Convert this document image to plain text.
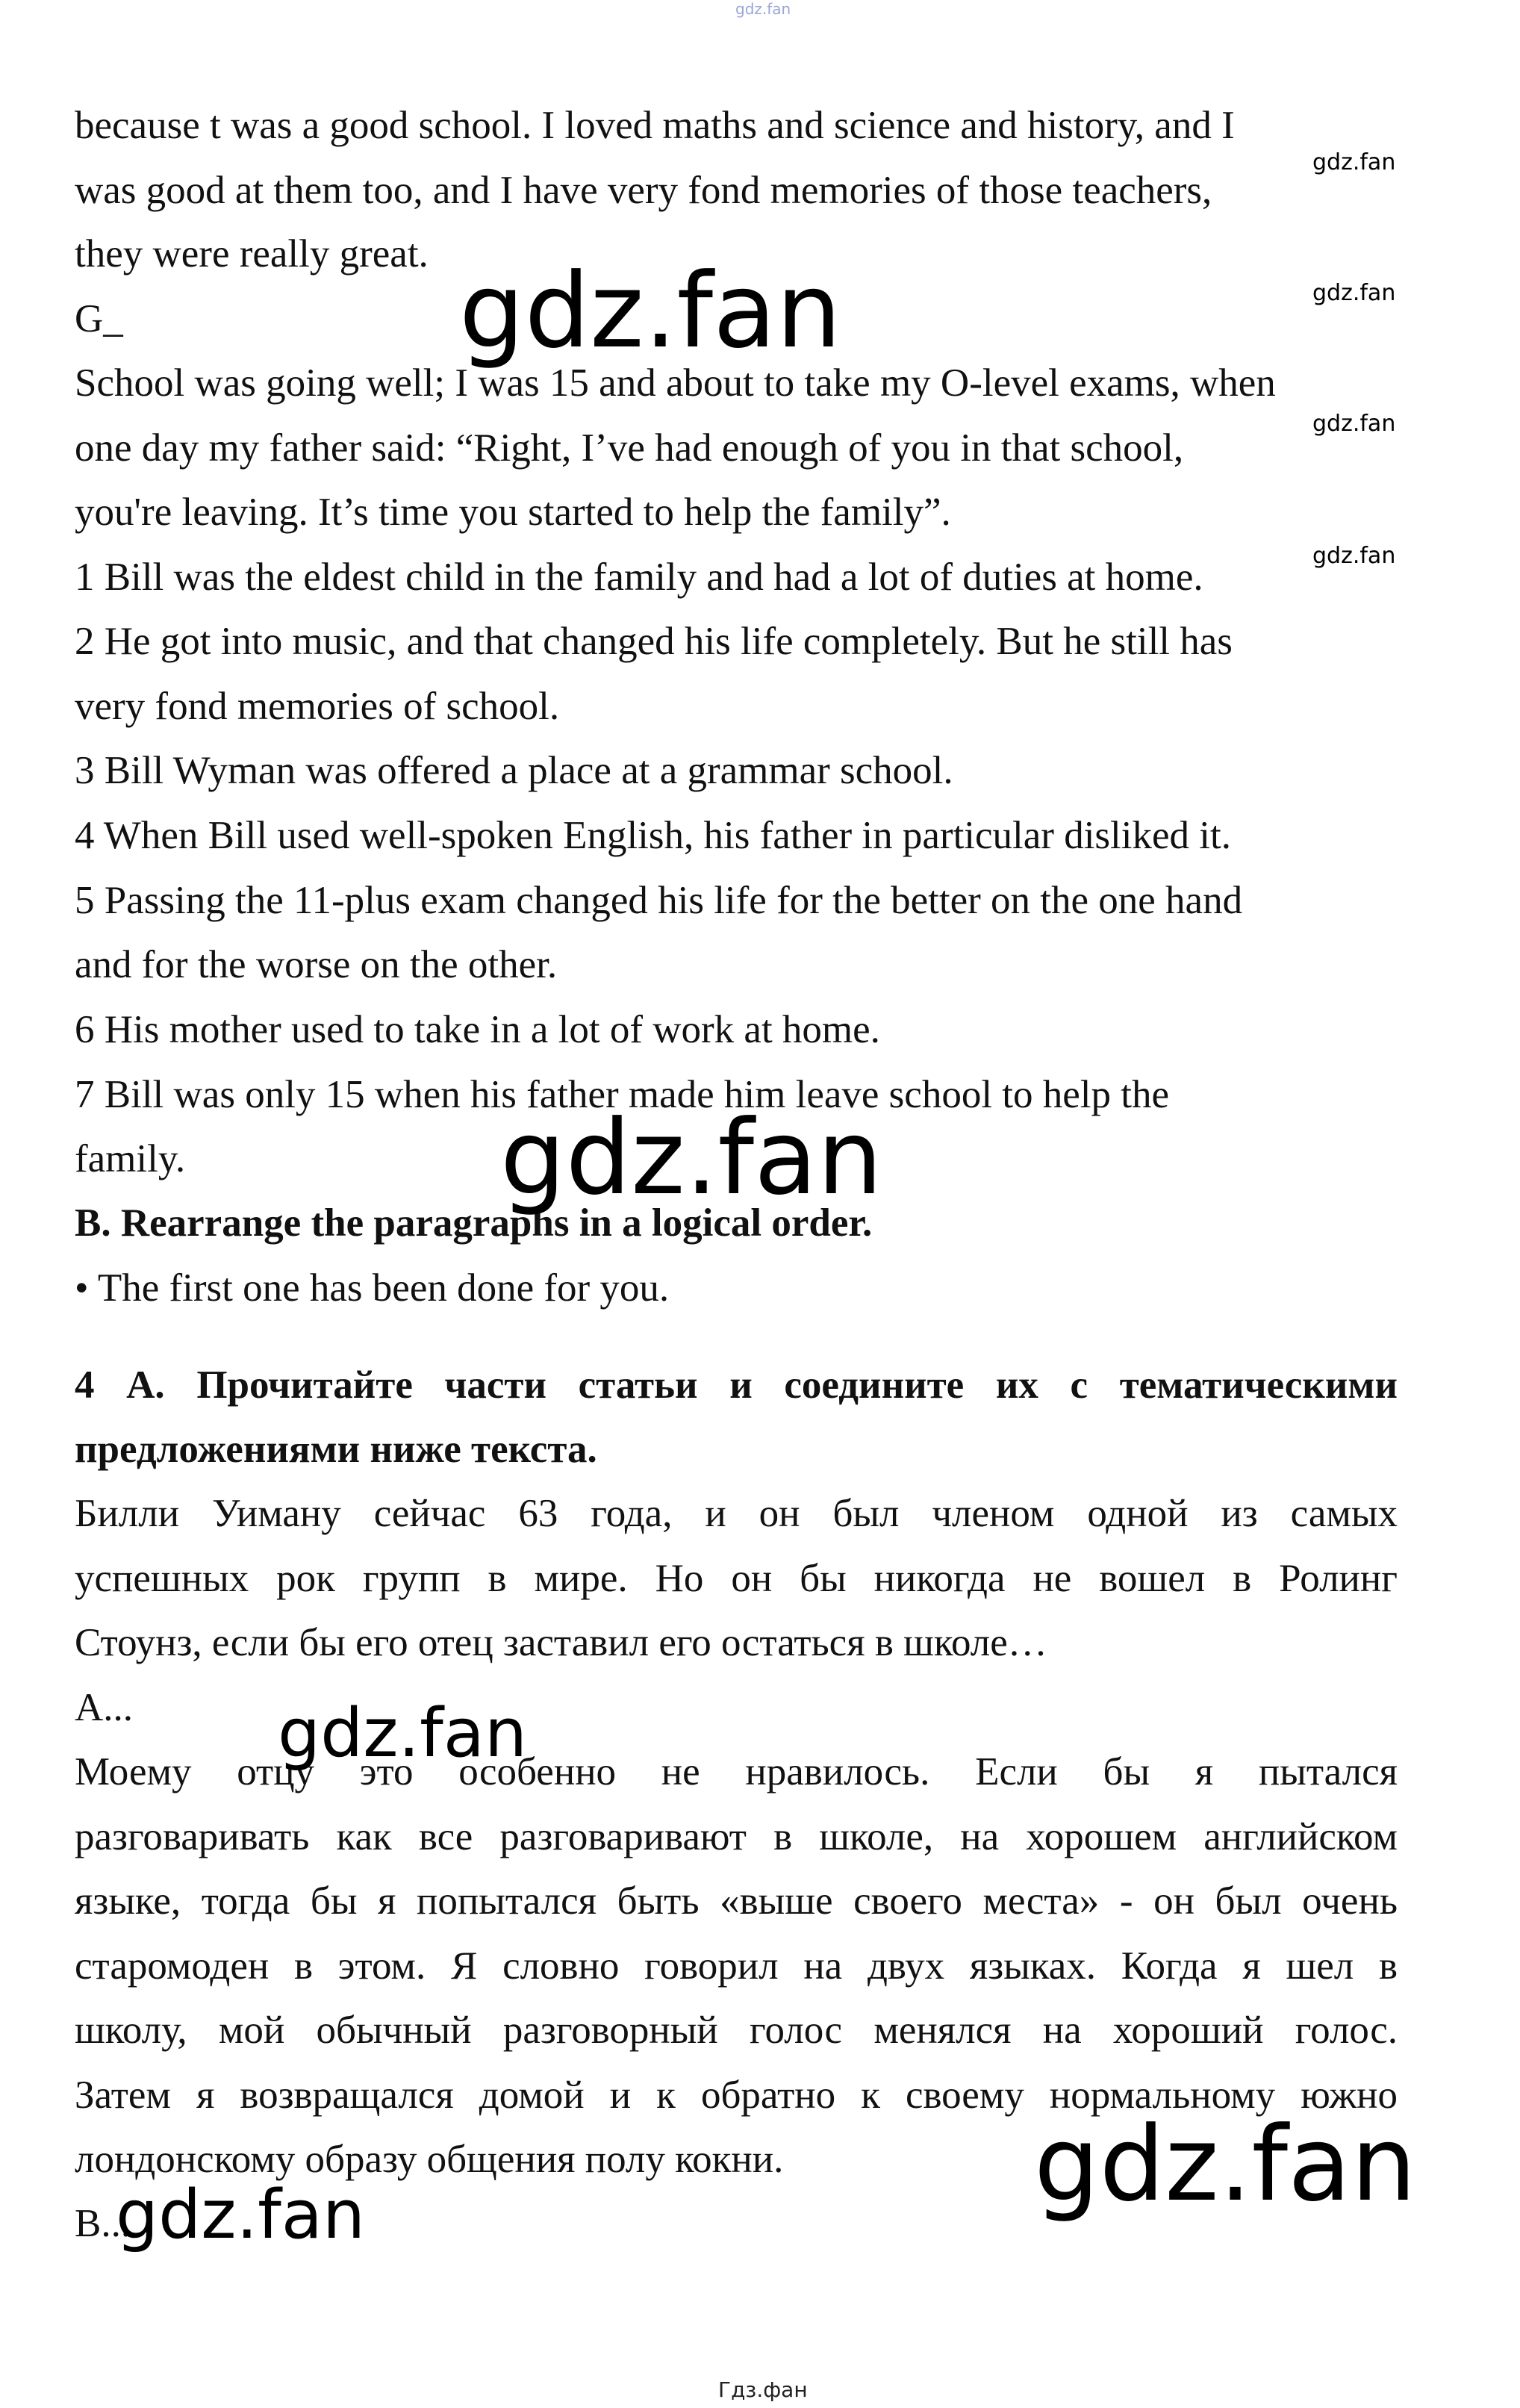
gdz.fan

because t was a good school. I loved maths and science and history, and I

was good at them too, and I have very fond memories of those teachers,

they were really great.

G_

School was going well; I was 15 and about to take my O-level exams, when

one day my father said: “Right, I’ve had enough of you in that school,

you're leaving. It’s time you started to help the family”.

1 Bill was the eldest child in the family and had a lot of duties at home.

2 He got into music, and that changed his life completely. But he still has

very fond memories of school.

3 Bill Wyman was offered a place at a grammar school.

4 When Bill used well-spoken English, his father in particular disliked it.

5 Passing the 11-plus exam changed his life for the better on the one hand

and for the worse on the other.

6 His mother used to take in a lot of work at home.

7 Bill was only 15 when his father made him leave school to help the

family.

B. Rearrange the paragraphs in a logical order.

• The first one has been done for you.

4 А. Прочитайте части статьи и соедините их с тематическими

предложениями ниже текста.

Билли Уиману сейчас 63 года, и он был членом одной из самых

успешных рок групп в мире. Но он бы никогда не вошел в Ролинг

Стоунз, если бы его отец заставил его остаться в школе…

A...

Моему отцу это особенно не нравилось. Если бы я пытался

разговаривать как все разговаривают в школе, на хорошем английском

языке, тогда бы я попытался быть «выше своего места» - он был очень

старомоден в этом. Я словно говорил на двух языках. Когда я шел в

школу, мой обычный разговорный голос менялся на хороший голос.

Затем я возвращался домой и к обратно к своему нормальному южно

лондонскому образу общения полу кокни.

B...

gdz.fan
gdz.fan
gdz.fan
gdz.fan
gdz.fan
gdz.fan
gdz.fan
gdz.fan
gdz.fan
Гдз.фан
